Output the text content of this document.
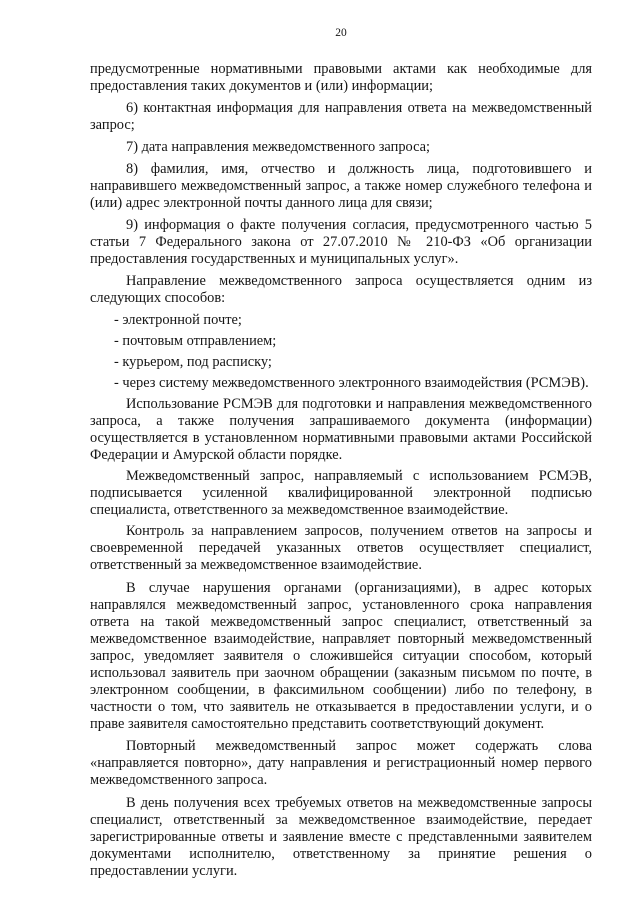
20

предусмотренные нормативными правовыми актами как необходимые для предоставления таких документов и (или) информации;

6) контактная информация для направления ответа на межведомственный запрос;

7) дата направления межведомственного запроса;

8) фамилия, имя, отчество и должность лица, подготовившего и направившего межведомственный запрос, а также номер служебного телефона и (или) адрес электронной почты данного лица для связи;

9) информация о факте получения согласия, предусмотренного частью 5 статьи 7 Федерального закона от 27.07.2010 № 210-ФЗ «Об организации предоставления государственных и муниципальных услуг».

Направление межведомственного запроса осуществляется одним из следующих способов:

- электронной почте;

- почтовым отправлением;

- курьером, под расписку;

- через систему межведомственного электронного взаимодействия (РСМЭВ).

Использование РСМЭВ для подготовки и направления межведомственного запроса, а также получения запрашиваемого документа (информации) осуществляется в установленном нормативными правовыми актами Российской Федерации и Амурской области порядке.

Межведомственный запрос, направляемый с использованием РСМЭВ, подписывается усиленной квалифицированной электронной подписью специалиста, ответственного за межведомственное взаимодействие.

Контроль за направлением запросов, получением ответов на запросы и своевременной передачей указанных ответов осуществляет специалист, ответственный за межведомственное взаимодействие.

В случае нарушения органами (организациями), в адрес которых направлялся межведомственный запрос, установленного срока направления ответа на такой межведомственный запрос специалист, ответственный за межведомственное взаимодействие, направляет повторный межведомственный запрос, уведомляет заявителя о сложившейся ситуации способом, который использовал заявитель при заочном обращении (заказным письмом по почте, в электронном сообщении, в факсимильном сообщении) либо по телефону, в частности о том, что заявитель не отказывается в предоставлении услуги, и о праве заявителя самостоятельно представить соответствующий документ.

Повторный межведомственный запрос может содержать слова «направляется повторно», дату направления и регистрационный номер первого межведомственного запроса.

В день получения всех требуемых ответов на межведомственные запросы специалист, ответственный за межведомственное взаимодействие, передает зарегистрированные ответы и заявление вместе с представленными заявителем документами исполнителю, ответственному за принятие решения о предоставлении услуги.
